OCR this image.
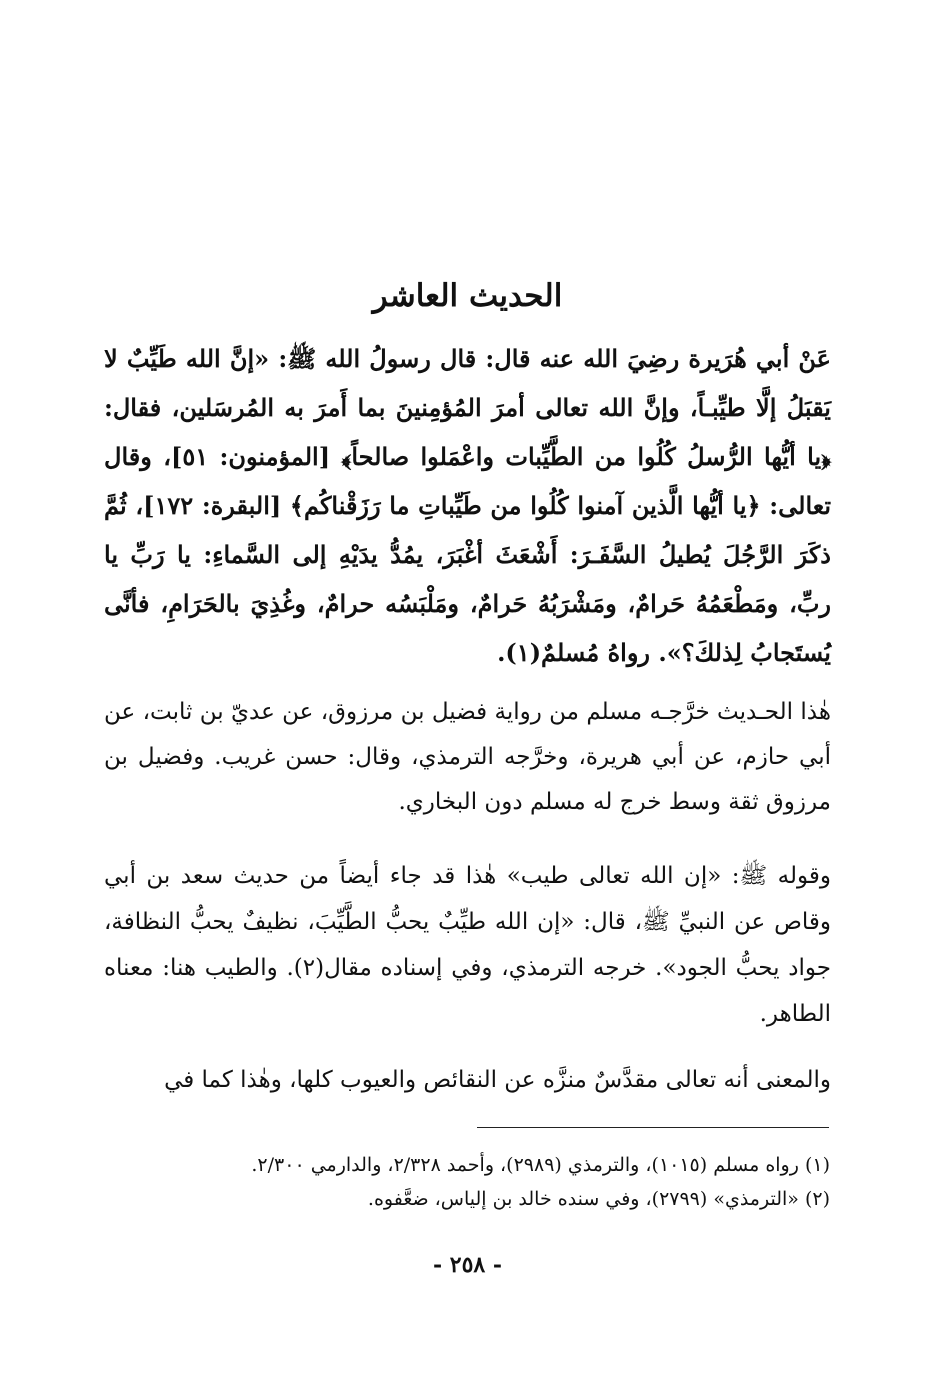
الحديث العاشر

عَنْ أبي هُرَيرة رضِيَ الله عنه قال: قال رسولُ الله ﷺ: «إنَّ الله طَيِّبٌ لا يَقبَلُ إلَّا طيِّبـاً، وإنَّ الله تعالى أمرَ المُؤمِنينَ بما أَمرَ به المُرسَلين، فقال: ﴿يا أيُّها الرُّسلُ كُلُوا من الطَّيِّبات واعْمَلوا صالحاً﴾ [المؤمنون: ٥١]، وقال تعالى: ﴿يا أيُّها الَّذين آمنوا كُلُوا من طَيِّباتِ ما رَزَقْناكُم﴾ [البقرة: ١٧٢]، ثُمَّ ذكَرَ الرَّجُلَ يُطيلُ السَّفَـرَ: أَشْعَثَ أغْبَرَ، يمُدُّ يدَيْهِ إلى السَّماءِ: يا رَبِّ يا ربِّ، ومَطْعَمُهُ حَرامٌ، ومَشْرَبُهُ حَرامٌ، ومَلْبَسُه حرامٌ، وغُذِيَ بالحَرَامِ، فأنَّى يُستَجابُ لِذلكَ؟». رواهُ مُسلمٌ(١).

هٰذا الحـديث خرَّجـه مسلم من رواية فضيل بن مرزوق، عن عديّ بن ثابت، عن أبي حازم، عن أبي هريرة، وخرَّجه الترمذي، وقال: حسن غريب. وفضيل بن مرزوق ثقة وسط خرج له مسلم دون البخاري.

وقوله ﷺ: «إن الله تعالى طيب» هٰذا قد جاء أيضاً من حديث سعد بن أبي وقاص عن النبيِّ ﷺ، قال: «إن الله طيِّبٌ يحبُّ الطَّيِّبَ، نظيفٌ يحبُّ النظافة، جواد يحبُّ الجود». خرجه الترمذي، وفي إسناده مقال(٢). والطيب هنا: معناه الطاهر.

والمعنى أنه تعالى مقدَّسٌ منزَّه عن النقائص والعيوب كلها، وهٰذا كما في

(١) رواه مسلم (١٠١٥)، والترمذي (٢٩٨٩)، وأحمد ٢/٣٢٨، والدارمي ٢/٣٠٠.
(٢) «الترمذي» (٢٧٩٩)، وفي سنده خالد بن إلياس، ضعَّفوه.
- ٢٥٨ -
